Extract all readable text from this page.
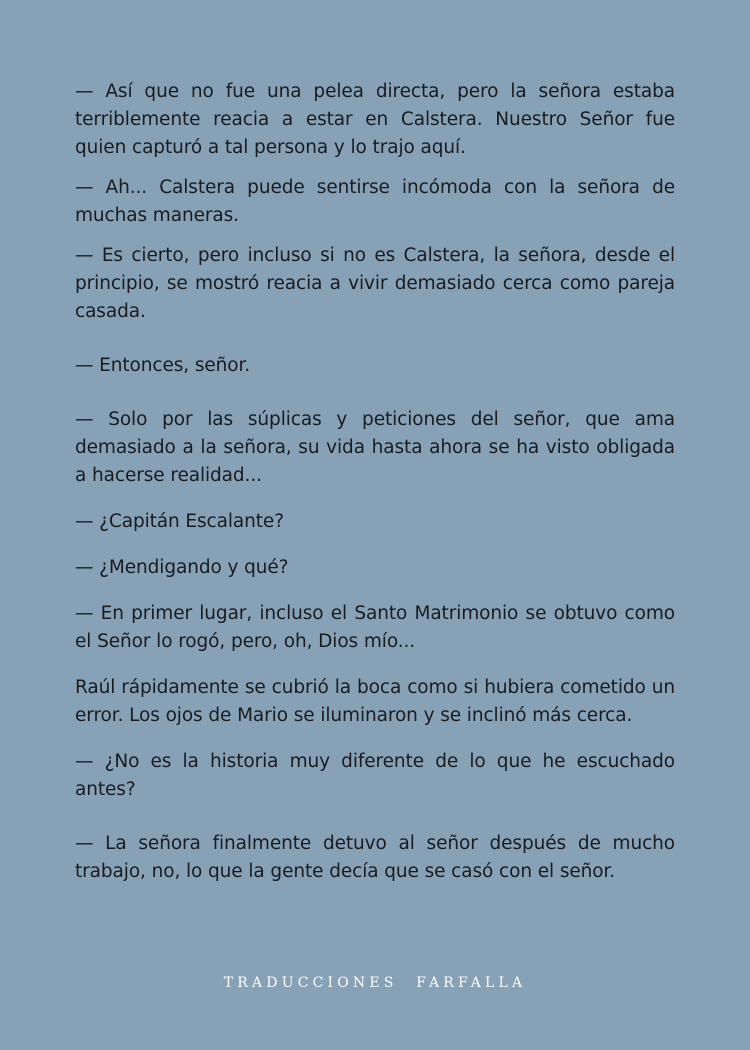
— Así que no fue una pelea directa, pero la señora estaba terriblemente reacia a estar en Calstera. Nuestro Señor fue quien capturó a tal persona y lo trajo aquí.

— Ah... Calstera puede sentirse incómoda con la señora de muchas maneras.

— Es cierto, pero incluso si no es Calstera, la señora, desde el principio, se mostró reacia a vivir demasiado cerca como pareja casada.

— Entonces, señor.

— Solo por las súplicas y peticiones del señor, que ama demasiado a la señora, su vida hasta ahora se ha visto obligada a hacerse realidad...

— ¿Capitán Escalante?

— ¿Mendigando y qué?

— En primer lugar, incluso el Santo Matrimonio se obtuvo como el Señor lo rogó, pero, oh, Dios mío...

Raúl rápidamente se cubrió la boca como si hubiera cometido un error. Los ojos de Mario se iluminaron y se inclinó más cerca.

— ¿No es la historia muy diferente de lo que he escuchado antes?

— La señora finalmente detuvo al señor después de mucho trabajo, no, lo que la gente decía que se casó con el señor.

TRADUCCIONES FARFALLA
